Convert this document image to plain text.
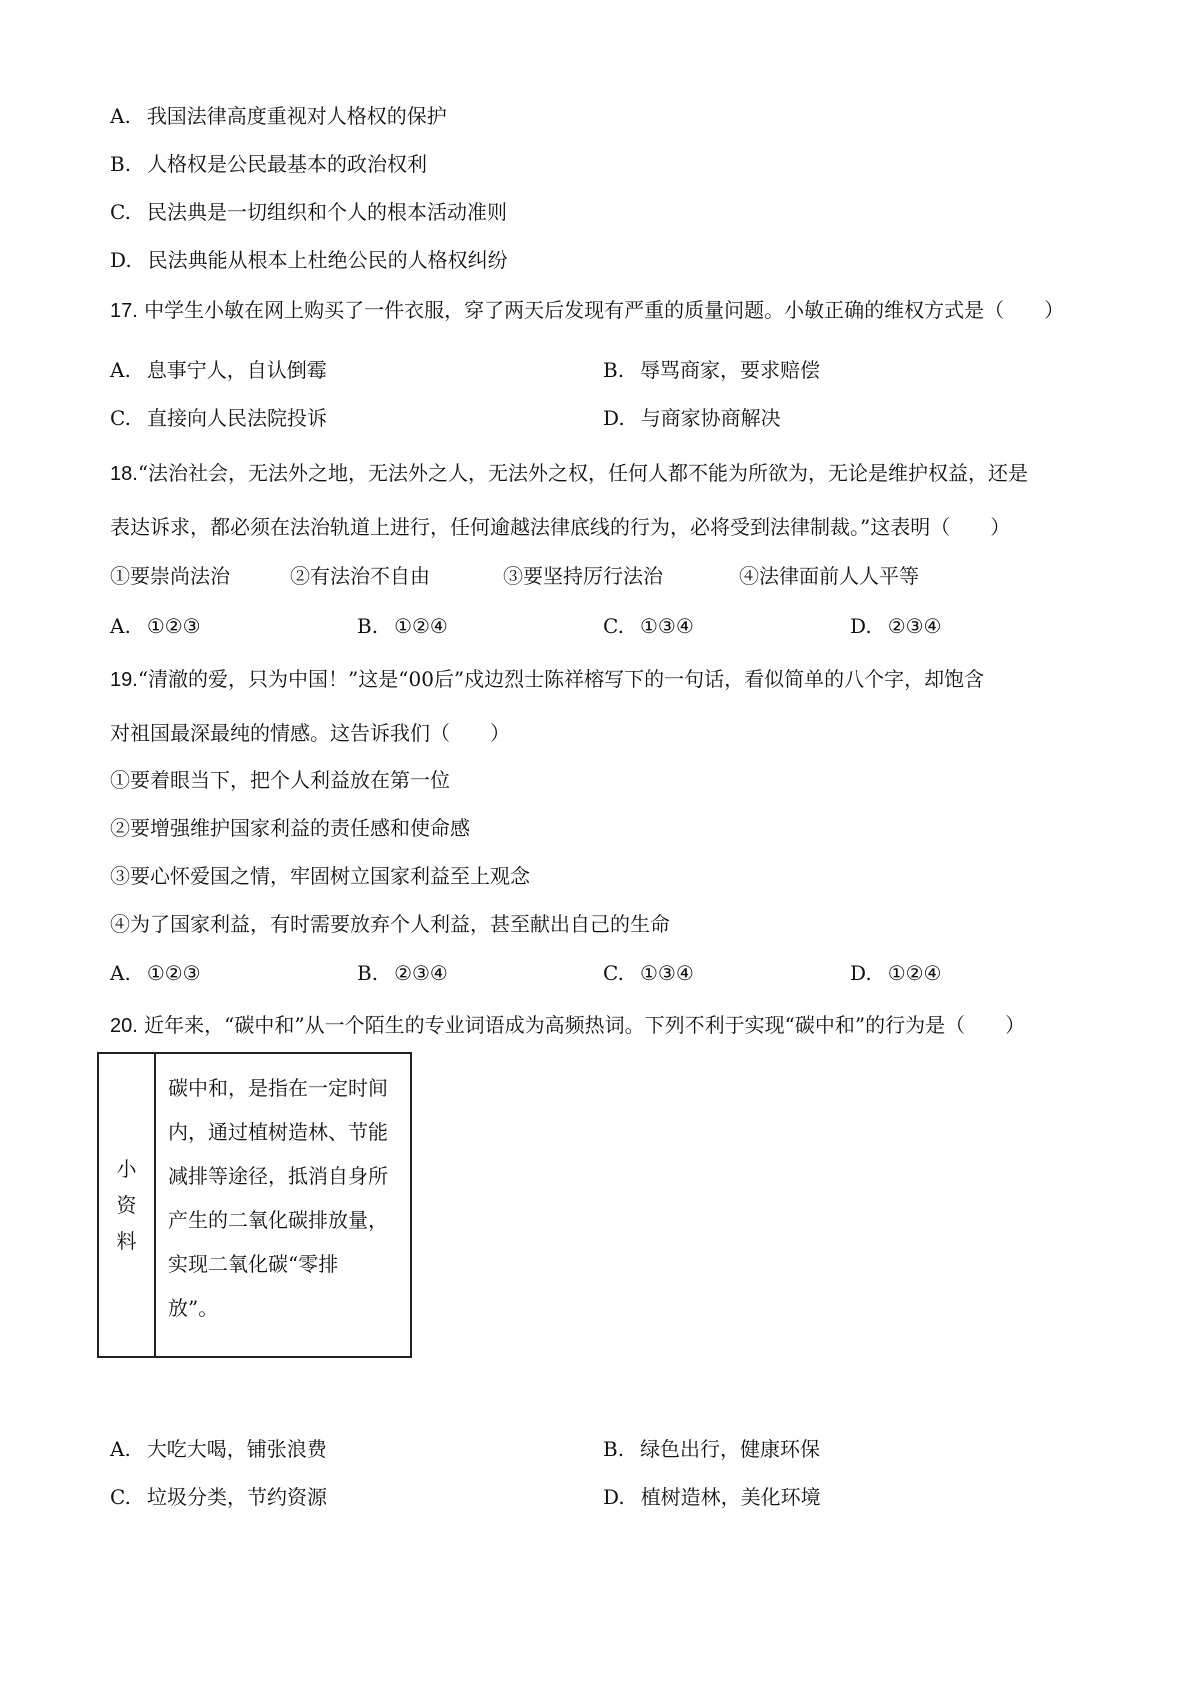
A. 我国法律高度重视对人格权的保护
B. 人格权是公民最基本的政治权利
C. 民法典是一切组织和个人的根本活动准则
D. 民法典能从根本上杜绝公民的人格权纠纷
17. 中学生小敏在网上购买了一件衣服，穿了两天后发现有严重的质量问题。小敏正确的维权方式是（　　）
A. 息事宁人，自认倒霉	B. 辱骂商家，要求赔偿
C. 直接向人民法院投诉	D. 与商家协商解决
18.“法治社会，无法外之地，无法外之人，无法外之权，任何人都不能为所欲为，无论是维护权益，还是
表达诉求，都必须在法治轨道上进行，任何逾越法律底线的行为，必将受到法律制裁。”这表明（　　）
①要崇尚法治	②有法治不自由	③要坚持厉行法治	④法律面前人人平等
A. ①②③	B. ①②④	C. ①③④	D. ②③④
19.“清澈的爱，只为中国！”这是“00后”戍边烈士陈祥榕写下的一句话，看似简单的八个字，却饱含
对祖国最深最纯的情感。这告诉我们（　　）
①要着眼当下，把个人利益放在第一位
②要增强维护国家利益的责任感和使命感
③要心怀爱国之情，牢固树立国家利益至上观念
④为了国家利益，有时需要放弃个人利益，甚至献出自己的生命
A. ①②③	B. ②③④	C. ①③④	D. ①②④
20. 近年来，“碳中和”从一个陌生的专业词语成为高频热词。下列不利于实现“碳中和”的行为是（　　）
小
资
料
碳中和，是指在一定时间
内，通过植树造林、节能
减排等途径，抵消自身所
产生的二氧化碳排放量，
实现二氧化碳“零排
放”。
A. 大吃大喝，铺张浪费	B. 绿色出行，健康环保
C. 垃圾分类，节约资源	D. 植树造林，美化环境
